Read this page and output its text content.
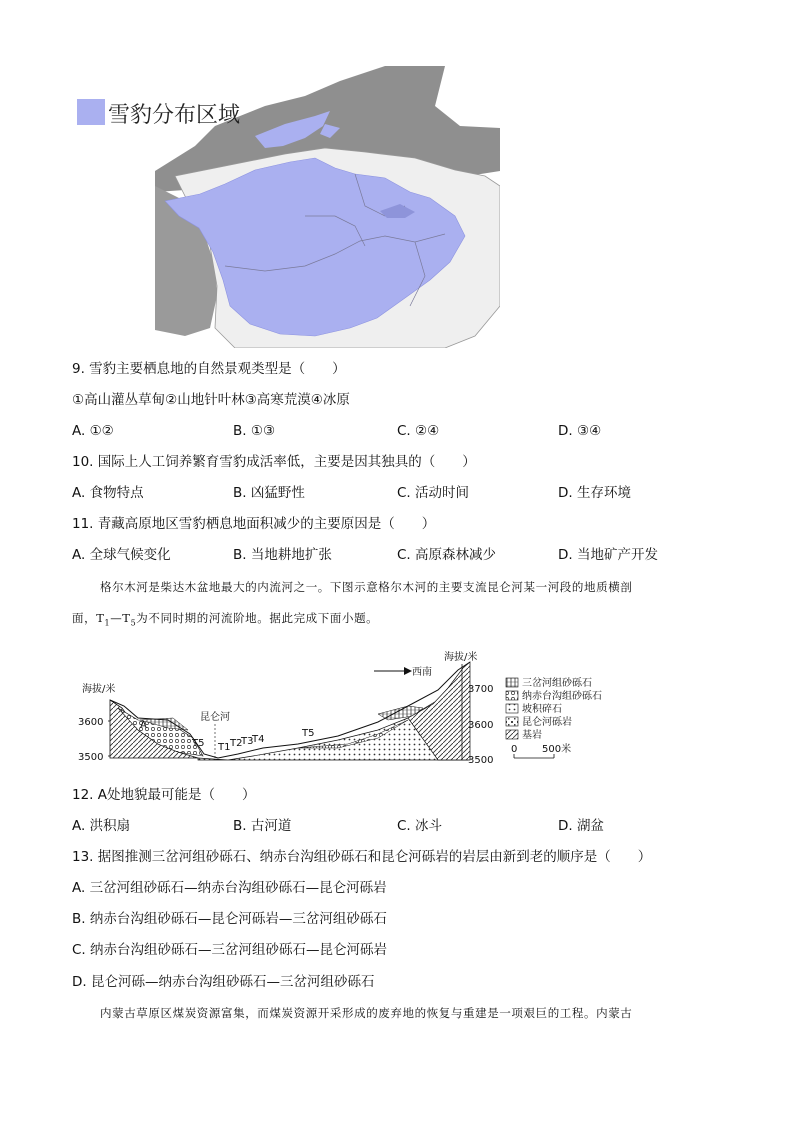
雪豹分布区域
9. 雪豹主要栖息地的自然景观类型是（　　）
①高山灌丛草甸②山地针叶林③高寒荒漠④冰原
A. ①②	B. ①③	C. ②④	D. ③④
10. 国际上人工饲养繁育雪豹成活率低，主要是因其独具的（　　）
A. 食物特点	B. 凶猛野性	C. 活动时间	D. 生存环境
11. 青藏高原地区雪豹栖息地面积减少的主要原因是（　　）
A. 全球气候变化	B. 当地耕地扩张	C. 高原森林减少	D. 当地矿产开发
格尔木河是柴达木盆地最大的内流河之一。下图示意格尔木河的主要支流昆仑河某一河段的地质横剖
面，$T_1—T_5$为不同时期的河流阶地。据此完成下面小题。
海拔/米
3600
3500
昆仑河
A
T5 T1 T2
T3
T4
T5
西南
海拔/米
3700
3600
3500
三岔河组砂砾石
纳赤台沟组砂砾石
坡积碎石
昆仑河砾岩
基岩
0 500米
12. A处地貌最可能是（　　）
A. 洪积扇	B. 古河道	C. 冰斗	D. 湖盆
13. 据图推测三岔河组砂砾石、纳赤台沟组砂砾石和昆仑河砾岩的岩层由新到老的顺序是（　　）
A. 三岔河组砂砾石—纳赤台沟组砂砾石—昆仑河砾岩
B. 纳赤台沟组砂砾石—昆仑河砾岩—三岔河组砂砾石
C. 纳赤台沟组砂砾石—三岔河组砂砾石—昆仑河砾岩
D. 昆仑河砾—纳赤台沟组砂砾石—三岔河组砂砾石
内蒙古草原区煤炭资源富集，而煤炭资源开采形成的废弃地的恢复与重建是一项艰巨的工程。内蒙古
